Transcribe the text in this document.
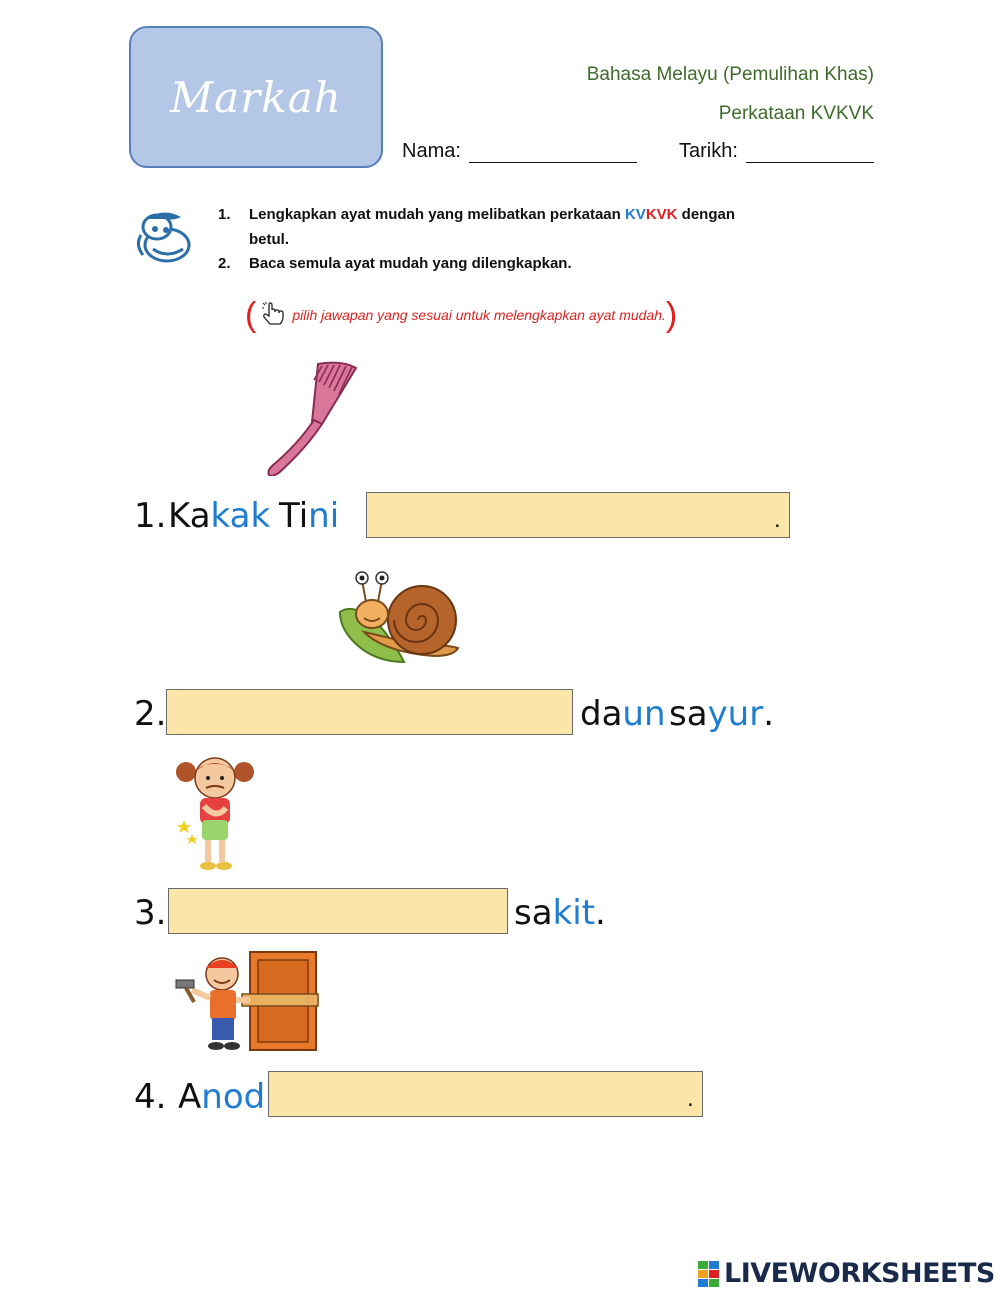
Markah	Bahasa Melayu (Pemulihan Khas)
Perkataan KVKVK
Nama:	Tarikh:
1. Lengkapkan ayat mudah yang melibatkan perkataan KVKVK dengan
betul.
2. Baca semula ayat mudah yang dilengkapkan.
(	pilih jawapan yang sesuai untuk melengkapkan ayat mudah. )
1. Ka kak Ti ni	.
2.	da un sa yur .
3.	sa kit .
4. A nod	.
LIVEWORKSHEETS
